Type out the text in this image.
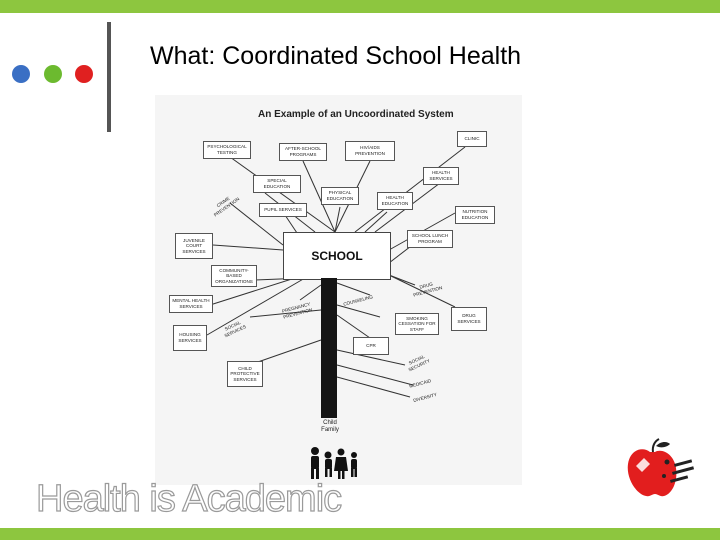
What: Coordinated School Health
An Example of an Uncoordinated System
PSYCHOLOGICAL TESTING
AFTER-SCHOOL PROGRAMS
HIV/AIDS PREVENTION
CLINIC
HEALTH SERVICES
SPECIAL EDUCATION
PHYSICAL EDUCATION	HEALTH EDUCATION
PUPIL SERVICES	NUTRITION EDUCATION
SCHOOL LUNCH PROGRAM
JUVENILE COURT SERVICES
COMMUNITY-BASED ORGANIZATIONS
MENTAL HEALTH SERVICES
HOUSING SERVICES
DRUG SERVICES
SMOKING CESSATION FOR STAFF
CPR
CHILD PROTECTIVE SERVICES
SCHOOL
CRIME PREVENTION
PREGNANCY PREVENTION
DRUG PREVENTION
SOCIAL SERVICES
COUNSELING
SOCIAL SECURITY
MEDICAID
DIVERSITY
Child
Family
Health is Academic
